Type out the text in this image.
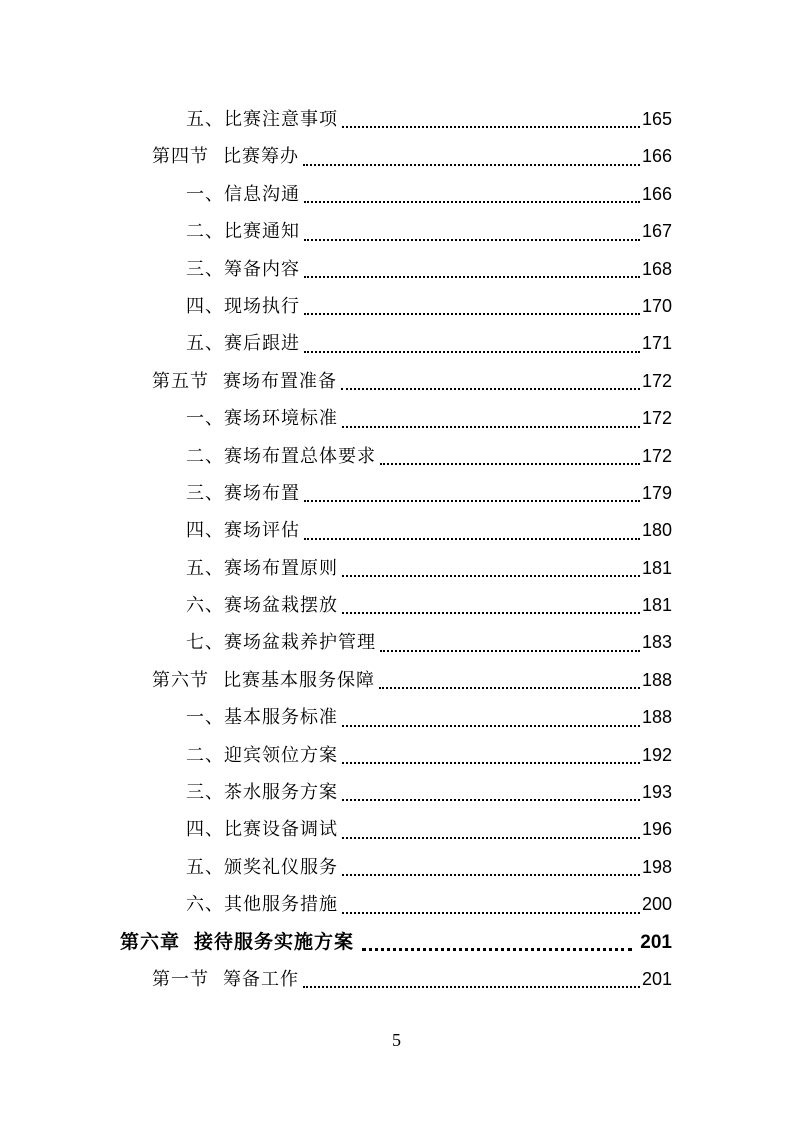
五、比赛注意事项	165
第四节 比赛筹办	166
一、信息沟通	166
二、比赛通知	167
三、筹备内容	168
四、现场执行	170
五、赛后跟进	171
第五节 赛场布置准备	172
一、赛场环境标准	172
二、赛场布置总体要求	172
三、赛场布置	179
四、赛场评估	180
五、赛场布置原则	181
六、赛场盆栽摆放	181
七、赛场盆栽养护管理	183
第六节 比赛基本服务保障	188
一、基本服务标准	188
二、迎宾领位方案	192
三、茶水服务方案	193
四、比赛设备调试	196
五、颁奖礼仪服务	198
六、其他服务措施	200
第六章 接待服务实施方案	201
第一节 筹备工作	201
5
